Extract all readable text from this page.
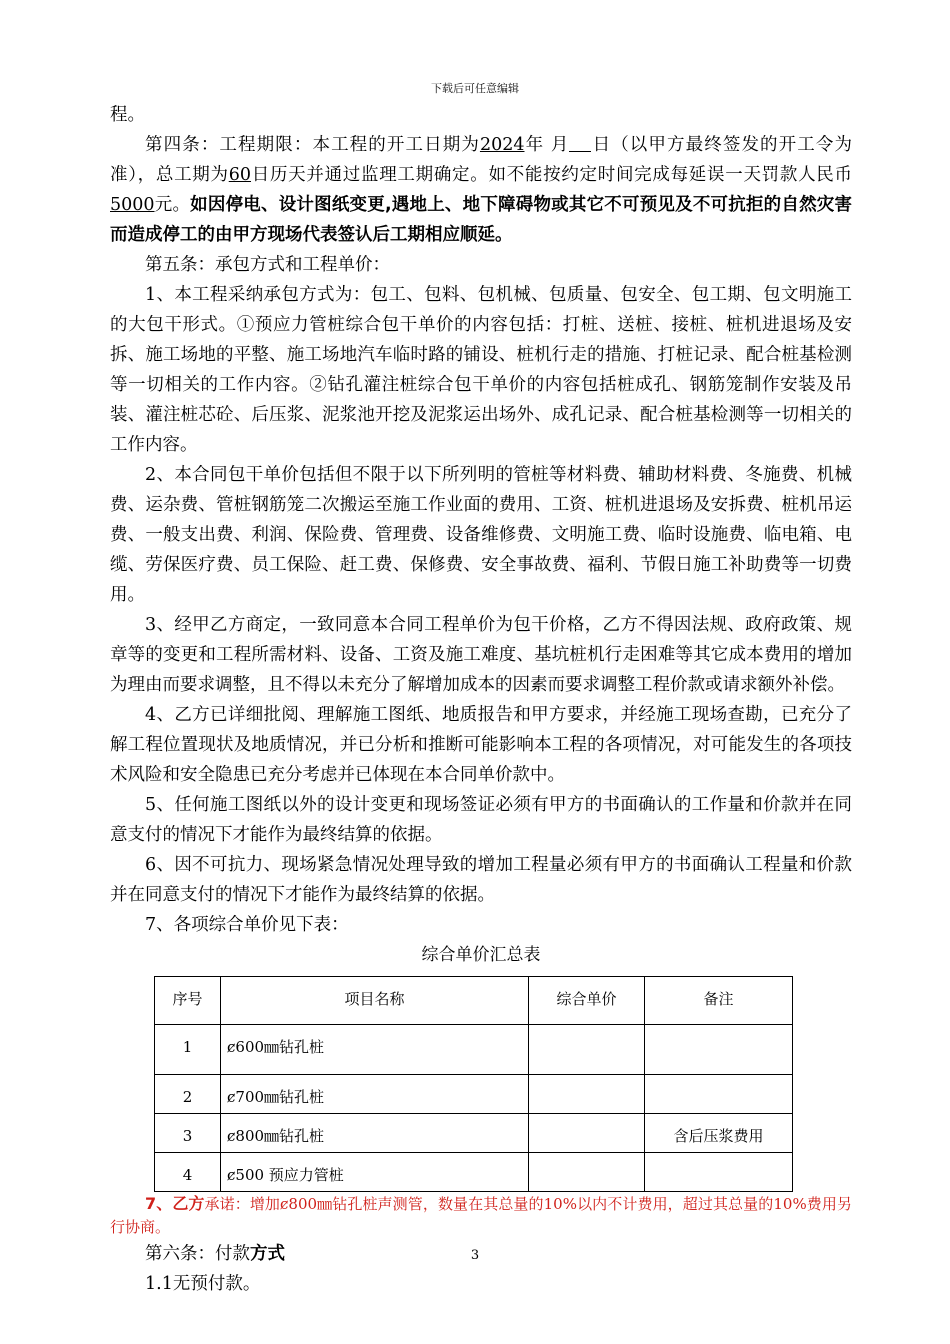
下载后可任意编辑

程。

第四条：工程期限：本工程的开工日期为2024年 月 日（以甲方最终签发的开工令为准），总工期为60日历天并通过监理工期确定。如不能按约定时间完成每延误一天罚款人民币5000元。如因停电、设计图纸变更,遇地上、地下障碍物或其它不可预见及不可抗拒的自然灾害而造成停工的由甲方现场代表签认后工期相应顺延。

第五条：承包方式和工程单价：

1、本工程采纳承包方式为：包工、包料、包机械、包质量、包安全、包工期、包文明施工的大包干形式。①预应力管桩综合包干单价的内容包括：打桩、送桩、接桩、桩机进退场及安拆、施工场地的平整、施工场地汽车临时路的铺设、桩机行走的措施、打桩记录、配合桩基检测等一切相关的工作内容。②钻孔灌注桩综合包干单价的内容包括桩成孔、钢筋笼制作安装及吊装、灌注桩芯砼、后压浆、泥浆池开挖及泥浆运出场外、成孔记录、配合桩基检测等一切相关的工作内容。

2、本合同包干单价包括但不限于以下所列明的管桩等材料费、辅助材料费、冬施费、机械费、运杂费、管桩钢筋笼二次搬运至施工作业面的费用、工资、桩机进退场及安拆费、桩机吊运费、一般支出费、利润、保险费、管理费、设备维修费、文明施工费、临时设施费、临电箱、电缆、劳保医疗费、员工保险、赶工费、保修费、安全事故费、福利、节假日施工补助费等一切费用。

3、经甲乙方商定，一致同意本合同工程单价为包干价格，乙方不得因法规、政府政策、规章等的变更和工程所需材料、设备、工资及施工难度、基坑桩机行走困难等其它成本费用的增加为理由而要求调整，且不得以未充分了解增加成本的因素而要求调整工程价款或请求额外补偿。

4、乙方已详细批阅、理解施工图纸、地质报告和甲方要求，并经施工现场查勘，已充分了解工程位置现状及地质情况，并已分析和推断可能影响本工程的各项情况，对可能发生的各项技术风险和安全隐患已充分考虑并已体现在本合同单价款中。

5、任何施工图纸以外的设计变更和现场签证必须有甲方的书面确认的工作量和价款并在同意支付的情况下才能作为最终结算的依据。

6、因不可抗力、现场紧急情况处理导致的增加工程量必须有甲方的书面确认工程量和价款并在同意支付的情况下才能作为最终结算的依据。

7、各项综合单价见下表：

综合单价汇总表
序号	项目名称	综合单价	备注
1	ȼ600㎜钻孔桩		
2	ȼ700㎜钻孔桩		
3	ȼ800㎜钻孔桩		含后压浆费用
4	ȼ500 预应力管桩		

7、乙方承诺：增加ȼ800㎜钻孔桩声测管，数量在其总量的10%以内不计费用，超过其总量的10%费用另行协商。

第六条：付款方式

1.1无预付款。

3
